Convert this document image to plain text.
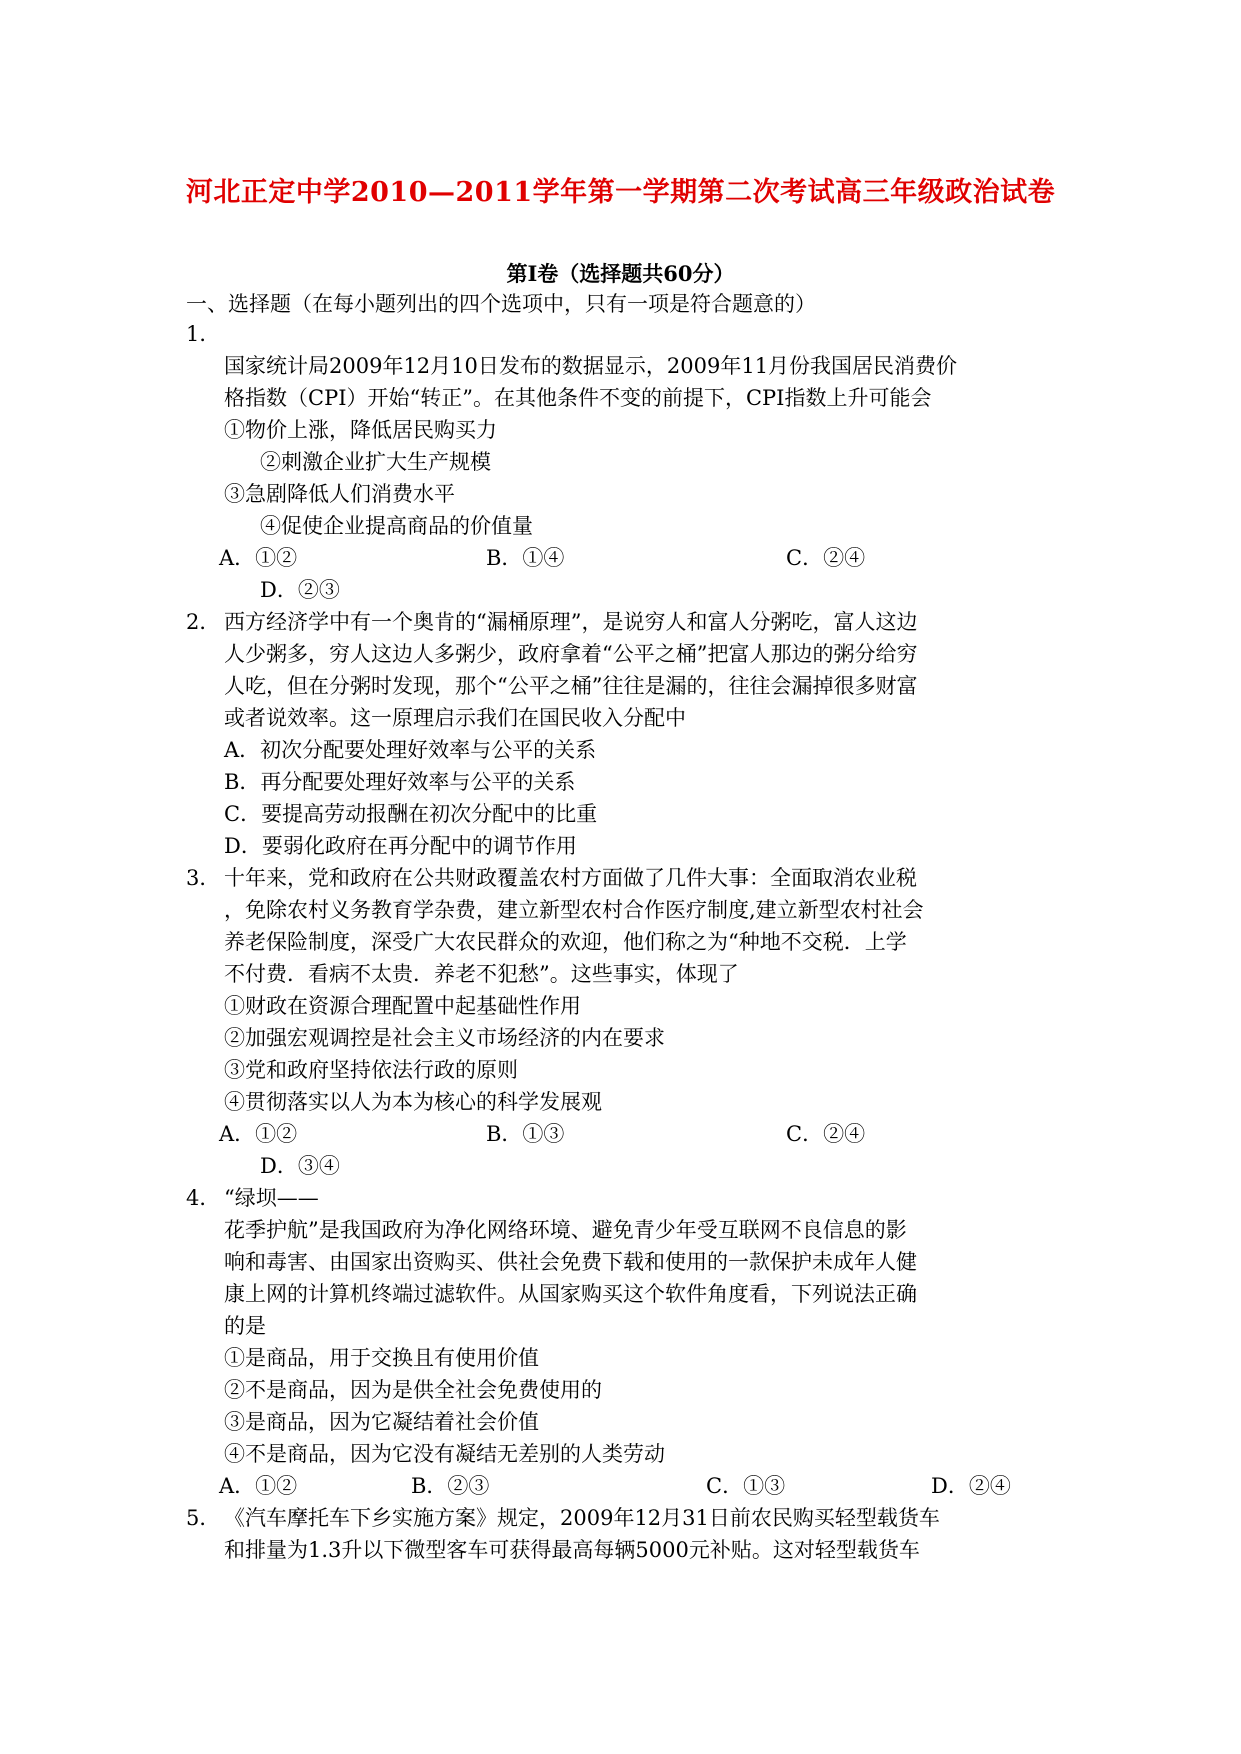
河北正定中学2010—2011学年第一学期第二次考试高三年级政治试卷
第Ⅰ卷（选择题共60分）
一、选择题（在每小题列出的四个选项中，只有一项是符合题意的）
1．
国家统计局2009年12月10日发布的数据显示，2009年11月份我国居民消费价
格指数（CPI）开始“转正”。在其他条件不变的前提下，CPI指数上升可能会
①物价上涨，降低居民购买力
②刺激企业扩大生产规模
③急剧降低人们消费水平
④促使企业提高商品的价值量
A．①②	B．①④	C．②④
D．②③
2． 西方经济学中有一个奥肯的“漏桶原理”，是说穷人和富人分粥吃，富人这边
人少粥多，穷人这边人多粥少，政府拿着“公平之桶”把富人那边的粥分给穷
人吃，但在分粥时发现，那个“公平之桶”往往是漏的，往往会漏掉很多财富
或者说效率。这一原理启示我们在国民收入分配中
A．初次分配要处理好效率与公平的关系
B．再分配要处理好效率与公平的关系
C．要提高劳动报酬在初次分配中的比重
D．要弱化政府在再分配中的调节作用
3． 十年来，党和政府在公共财政覆盖农村方面做了几件大事：全面取消农业税
，免除农村义务教育学杂费，建立新型农村合作医疗制度,建立新型农村社会
养老保险制度，深受广大农民群众的欢迎，他们称之为“种地不交税．上学
不付费．看病不太贵．养老不犯愁”。这些事实，体现了
①财政在资源合理配置中起基础性作用
②加强宏观调控是社会主义市场经济的内在要求
③党和政府坚持依法行政的原则
④贯彻落实以人为本为核心的科学发展观
A．①②	B．①③	C．②④
D．③④
4． “绿坝——
花季护航”是我国政府为净化网络环境、避免青少年受互联网不良信息的影
响和毒害、由国家出资购买、供社会免费下载和使用的一款保护未成年人健
康上网的计算机终端过滤软件。从国家购买这个软件角度看，下列说法正确
的是
①是商品，用于交换且有使用价值
②不是商品，因为是供全社会免费使用的
③是商品，因为它凝结着社会价值
④不是商品，因为它没有凝结无差别的人类劳动
A．①②	B．②③	C．①③	D．②④
5． 《汽车摩托车下乡实施方案》规定，2009年12月31日前农民购买轻型载货车
和排量为1.3升以下微型客车可获得最高每辆5000元补贴。这对轻型载货车
